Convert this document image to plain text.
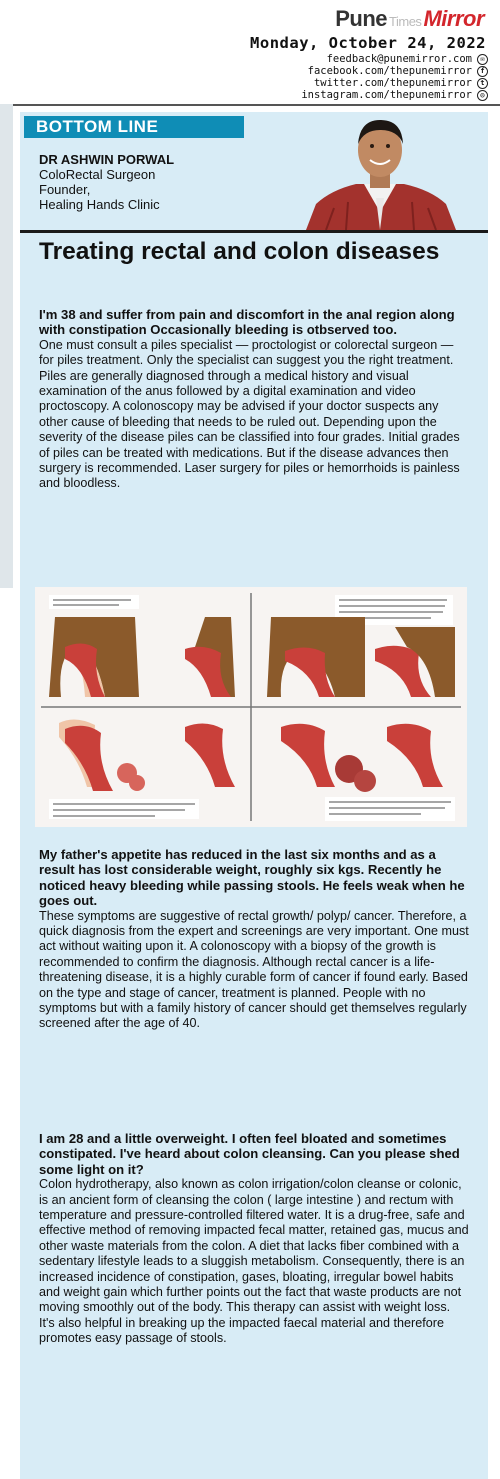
Pune TimesMirror
Monday, October 24, 2022
feedback@punemirror.com	✉
facebook.com/thepunemirror	f
twitter.com/thepunemirror	t
instagram.com/thepunemirror	◎
BOTTOM LINE
DR ASHWIN PORWAL
ColoRectal Surgeon
Founder,
Healing Hands Clinic
Treating rectal and colon diseases

I'm 38 and suffer from pain and discomfort in the anal region along with constipation Occasionally bleeding is otbserved too.

One must consult a piles specialist — proctologist or colorectal surgeon — for piles treatment. Only the specialist can suggest you the right treatment. Piles are generally diagnosed through a medical history and visual examination of the anus followed by a digital examination and video proctoscopy. A colonoscopy may be advised if your doctor suspects any other cause of bleeding that needs to be ruled out. Depending upon the severity of the disease piles can be classified into four grades. Initial grades of piles can be treated with medications. But if the disease advances then surgery is recommended. Laser surgery for piles or hemorrhoids is painless and bloodless.

My father's appetite has reduced in the last six months and as a result has lost considerable weight, roughly six kgs. Recently he noticed heavy bleeding while passing stools. He feels weak when he goes out.

These symptoms are suggestive of rectal growth/ polyp/ cancer. Therefore, a quick diagnosis from the expert and screenings are very important. One must act without waiting upon it. A colonoscopy with a biopsy of the growth is recommended to confirm the diagnosis. Although rectal cancer is a life-threatening disease, it is a highly curable form of cancer if found early. Based on the type and stage of cancer, treatment is planned. People with no symptoms but with a family history of cancer should get themselves regularly screened after the age of 40.

I am 28 and a little overweight. I often feel bloated and sometimes constipated. I've heard about colon cleansing. Can you please shed some light on it?

Colon hydrotherapy, also known as colon irrigation/colon cleanse or colonic, is an ancient form of cleansing the colon ( large intestine ) and rectum with temperature and pressure-controlled filtered water. It is a drug-free, safe and effective method of removing impacted fecal matter, retained gas, mucus and other waste materials from the colon. A diet that lacks fiber combined with a sedentary lifestyle leads to a sluggish metabolism. Consequently, there is an increased incidence of constipation, gases, bloating, irregular bowel habits and weight gain which further points out the fact that waste products are not moving smoothly out of the body. This therapy can assist with weight loss. It's also helpful in breaking up the impacted faecal material and therefore promotes easy passage of stools.
